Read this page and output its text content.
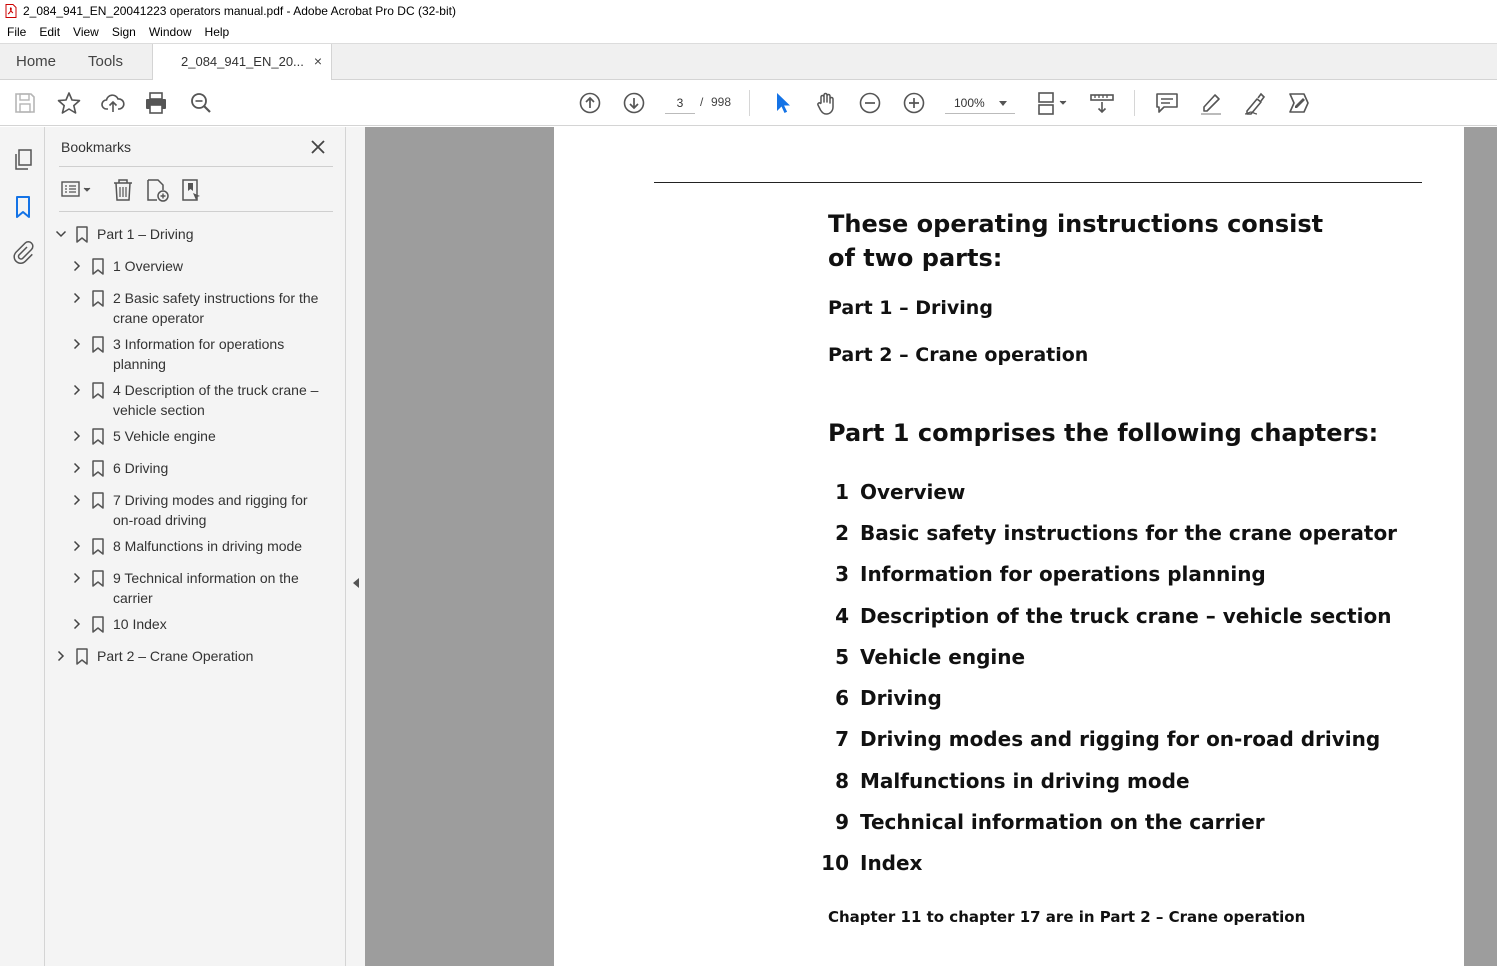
2_084_941_EN_20041223 operators manual.pdf - Adobe Acrobat Pro DC (32-bit)
File	Edit	View	Sign	Window	Help
Home Tools	2_084_941_EN_20... ×
3
/ 998	100%
Bookmarks
Part 1 – Driving
1 Overview
2 Basic safety instructions for the
crane operator
3 Information for operations
planning
4 Description of the truck crane –
vehicle section
5 Vehicle engine
6 Driving
7 Driving modes and rigging for
on-road driving
8 Malfunctions in driving mode
9 Technical information on the
carrier
10 Index
Part 2 – Crane Operation
These operating instructions consist of two parts:
Part 1 – Driving
Part 2 – Crane operation
Part 1 comprises the following chapters:
1 Overview
2 Basic safety instructions for the crane operator
3 Information for operations planning
4 Description of the truck crane – vehicle section
5 Vehicle engine
6 Driving
7 Driving modes and rigging for on-road driving
8 Malfunctions in driving mode
9 Technical information on the carrier
10 Index
Chapter 11 to chapter 17 are in Part 2 – Crane operation
